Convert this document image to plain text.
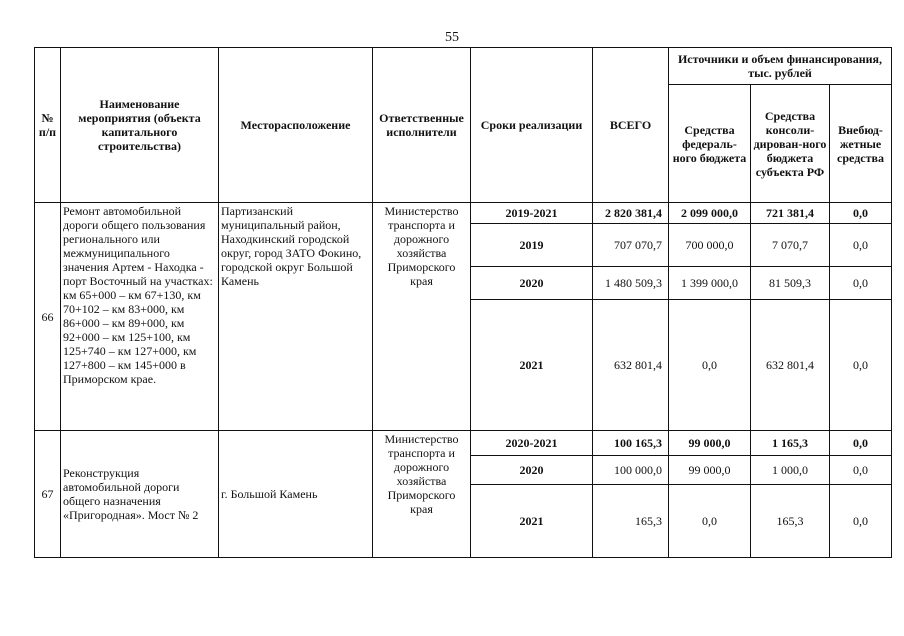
55
№ п/п	Наименование мероприятия (объекта капитального строительства)	Месторасположение	Ответственные исполнители	Сроки реализации	ВСЕГО	Источники и объем финансирования, тыс. рублей		
						Средства федераль-ного бюджета	Средства консоли-дирован-ного бюджета субъекта РФ	Внебюд-жетные средства
66	Ремонт автомобильной дороги общего пользования регионального или межмуниципального значения Артем - Находка - порт Восточный на участках: км 65+000 – км 67+130, км 70+102 – км 83+000, км 86+000 – км 89+000, км 92+000 – км 125+100, км 125+740 – км 127+000, км 127+800 – км 145+000 в Приморском крае.	Партизанский муниципальный район, Находкинский городской округ, город ЗАТО Фокино, городской округ Большой Камень	Министерство транспорта и дорожного хозяйства Приморского края	2019-2021	2 820 381,4	2 099 000,0	721 381,4	0,0
				2019	707 070,7	700 000,0	7 070,7	0,0
				2020	1 480 509,3	1 399 000,0	81 509,3	0,0
				2021	632 801,4	0,0	632 801,4	0,0
67	Реконструкция автомобильной дороги общего назначения «Пригородная». Мост № 2	г. Большой Камень	Министерство транспорта и дорожного хозяйства Приморского края	2020-2021	100 165,3	99 000,0	1 165,3	0,0
				2020	100 000,0	99 000,0	1 000,0	0,0
				2021	165,3	0,0	165,3	0,0
